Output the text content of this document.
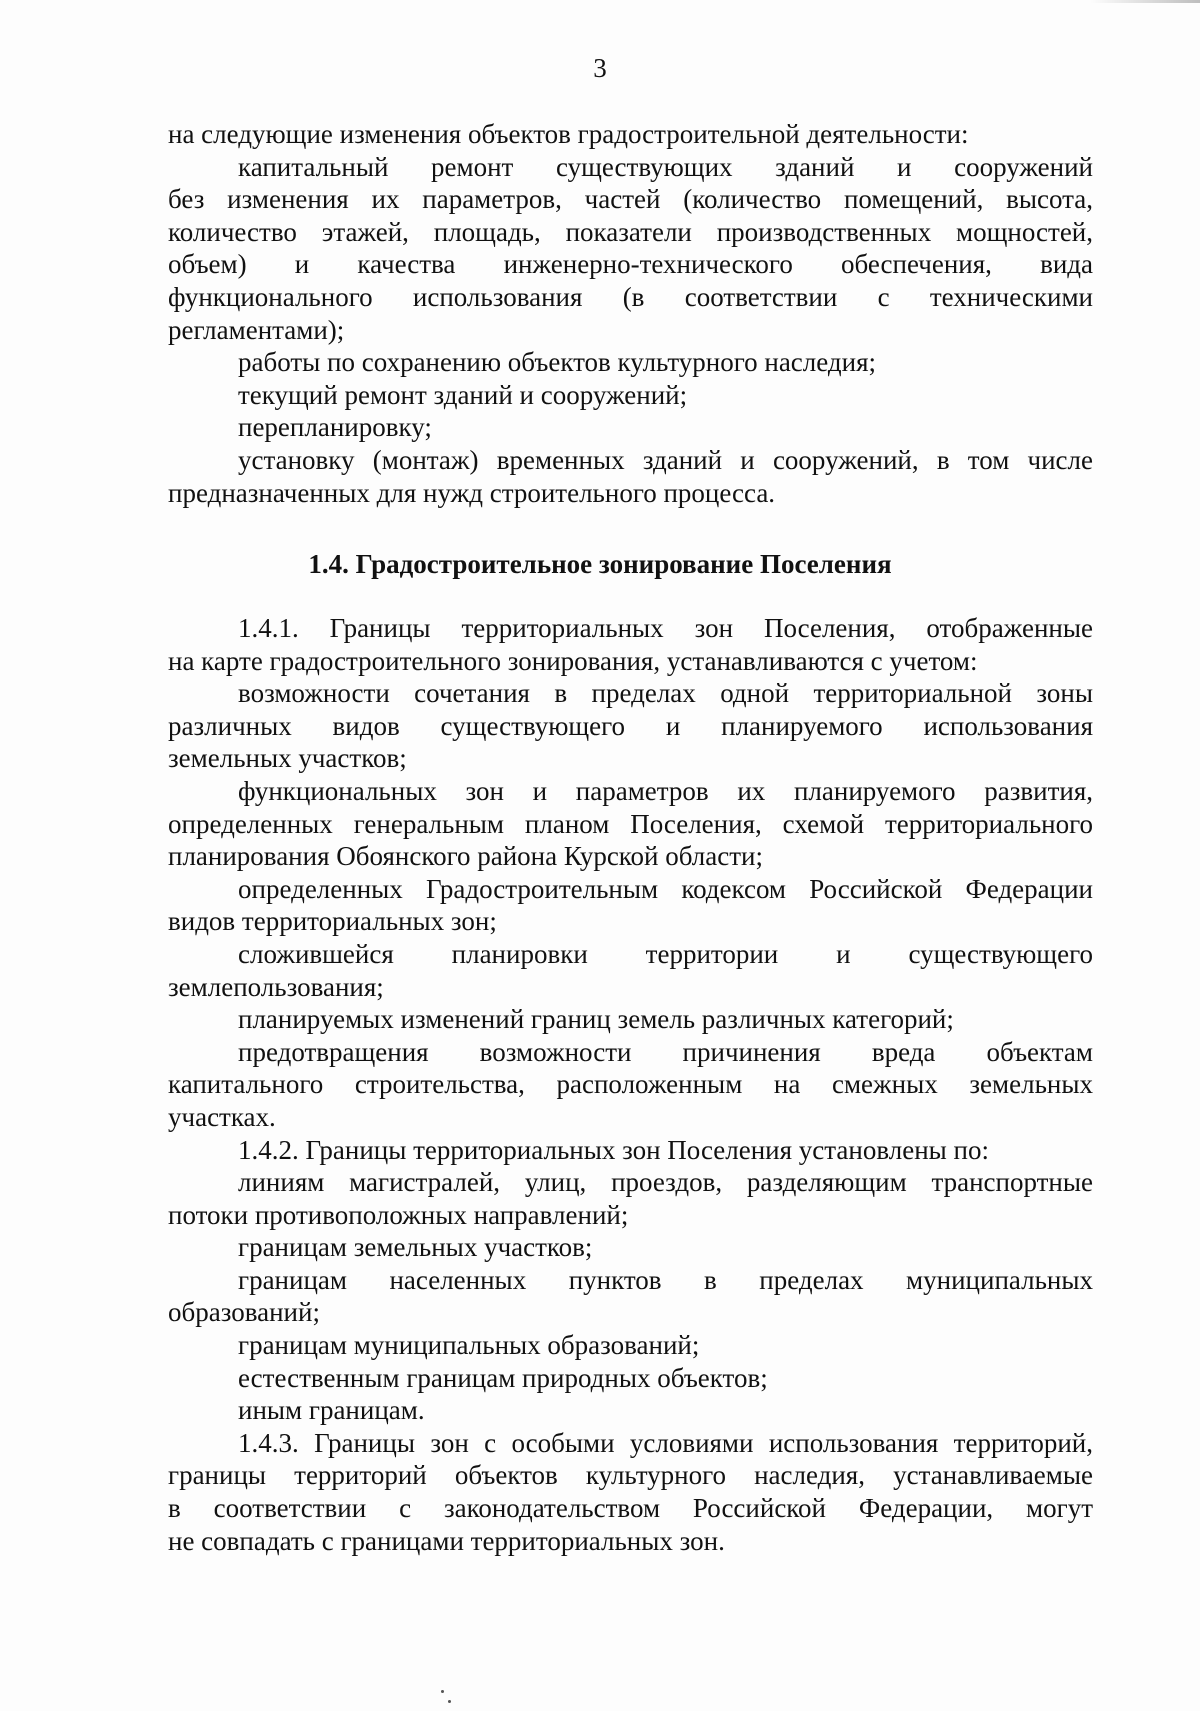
3
на следующие изменения объектов градостроительной деятельности:
капитальный ремонт существующих зданий и сооружений
без изменения их параметров, частей (количество помещений, высота,
количество этажей, площадь, показатели производственных мощностей,
объем) и качества инженерно-технического обеспечения, вида
функционального использования (в соответствии с техническими
регламентами);
работы по сохранению объектов культурного наследия;
текущий ремонт зданий и сооружений;
перепланировку;
установку (монтаж) временных зданий и сооружений, в том числе
предназначенных для нужд строительного процесса.
1.4. Градостроительное зонирование Поселения
1.4.1. Границы территориальных зон Поселения, отображенные
на карте градостроительного зонирования, устанавливаются с учетом:
возможности сочетания в пределах одной территориальной зоны
различных видов существующего и планируемого использования
земельных участков;
функциональных зон и параметров их планируемого развития,
определенных генеральным планом Поселения, схемой территориального
планирования Обоянского района Курской области;
определенных Градостроительным кодексом Российской Федерации
видов территориальных зон;
сложившейся планировки территории и существующего
землепользования;
планируемых изменений границ земель различных категорий;
предотвращения возможности причинения вреда объектам
капитального строительства, расположенным на смежных земельных
участках.
1.4.2. Границы территориальных зон Поселения установлены по:
линиям магистралей, улиц, проездов, разделяющим транспортные
потоки противоположных направлений;
границам земельных участков;
границам населенных пунктов в пределах муниципальных
образований;
границам муниципальных образований;
естественным границам природных объектов;
иным границам.
1.4.3. Границы зон с особыми условиями использования территорий,
границы территорий объектов культурного наследия, устанавливаемые
в соответствии с законодательством Российской Федерации, могут
не совпадать с границами территориальных зон.
